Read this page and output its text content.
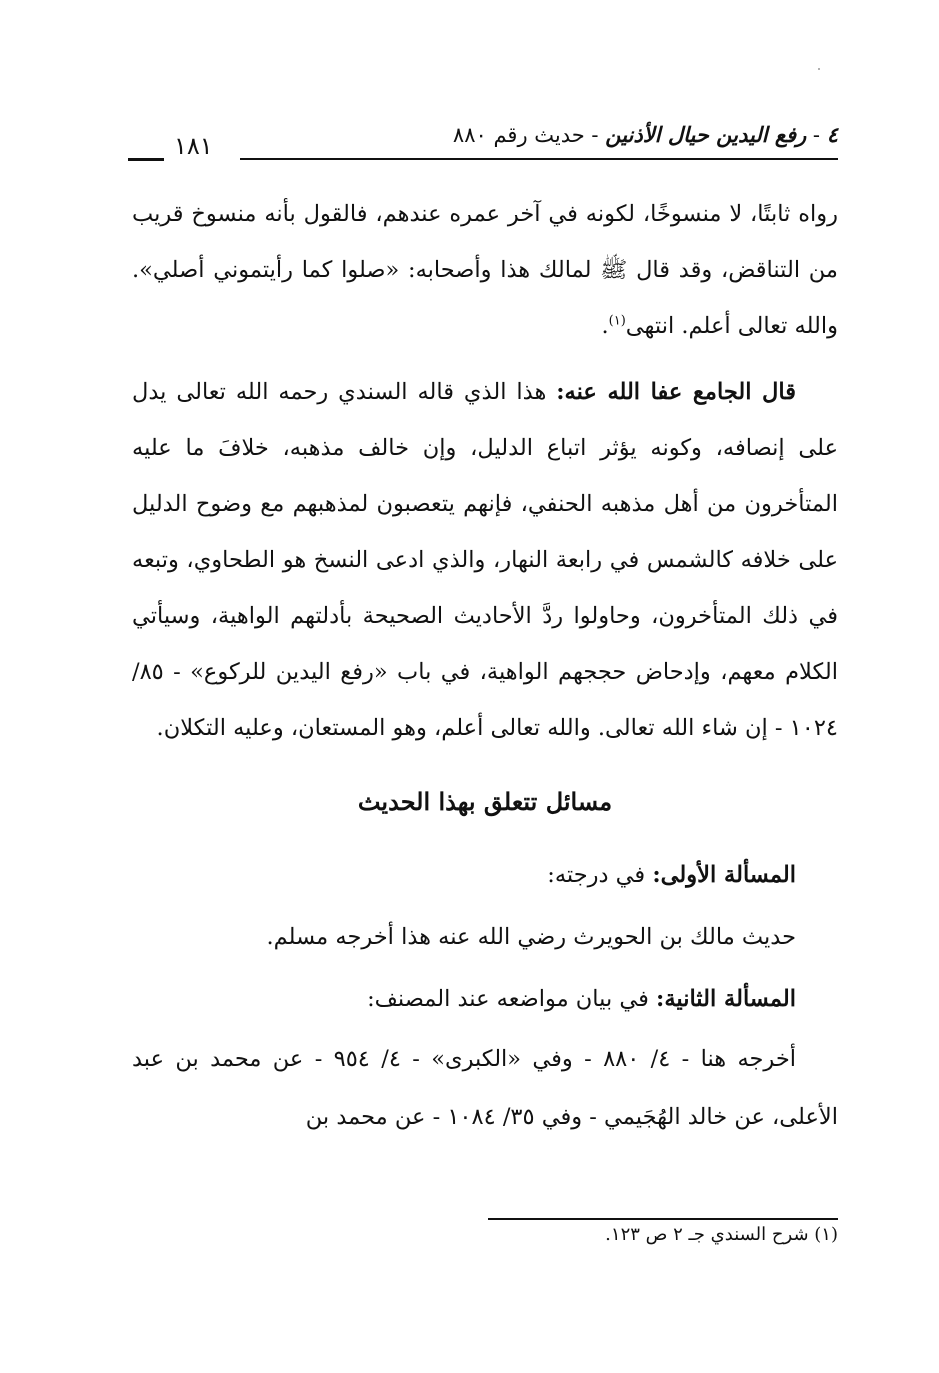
٤ - رفع اليدين حيال الأذنين - حديث رقم ٨٨٠
١٨١

رواه ثابتًا، لا منسوخًا، لكونه في آخر عمره عندهم، فالقول بأنه منسوخ قريب من التناقض، وقد قال ﷺ لمالك هذا وأصحابه: «صلوا كما رأيتموني أصلي». والله تعالى أعلم. انتهى$^{(١)}$.

قال الجامع عفا الله عنه: هذا الذي قاله السندي رحمه الله تعالى يدل على إنصافه، وكونه يؤثر اتباع الدليل، وإن خالف مذهبه، خلافَ ما عليه المتأخرون من أهل مذهبه الحنفي، فإنهم يتعصبون لمذهبهم مع وضوح الدليل على خلافه كالشمس في رابعة النهار، والذي ادعى النسخ هو الطحاوي، وتبعه في ذلك المتأخرون، وحاولوا ردَّ الأحاديث الصحيحة بأدلتهم الواهية، وسيأتي الكلام معهم، وإدحاض حججهم الواهية، في باب «رفع اليدين للركوع» - ٨٥/ ١٠٢٤ - إن شاء الله تعالى. والله تعالى أعلم، وهو المستعان، وعليه التكلان.

مسائل تتعلق بهذا الحديث

المسألة الأولى: في درجته:

حديث مالك بن الحويرث رضي الله عنه هذا أخرجه مسلم.

المسألة الثانية: في بيان مواضعه عند المصنف:

أخرجه هنا - ٤/ ٨٨٠ - وفي «الكبرى» - ٤/ ٩٥٤ - عن محمد بن عبد الأعلى، عن خالد الهُجَيمي - وفي ٣٥/ ١٠٨٤ - عن محمد بن

(١) شرح السندي جـ ٢ ص ١٢٣.
